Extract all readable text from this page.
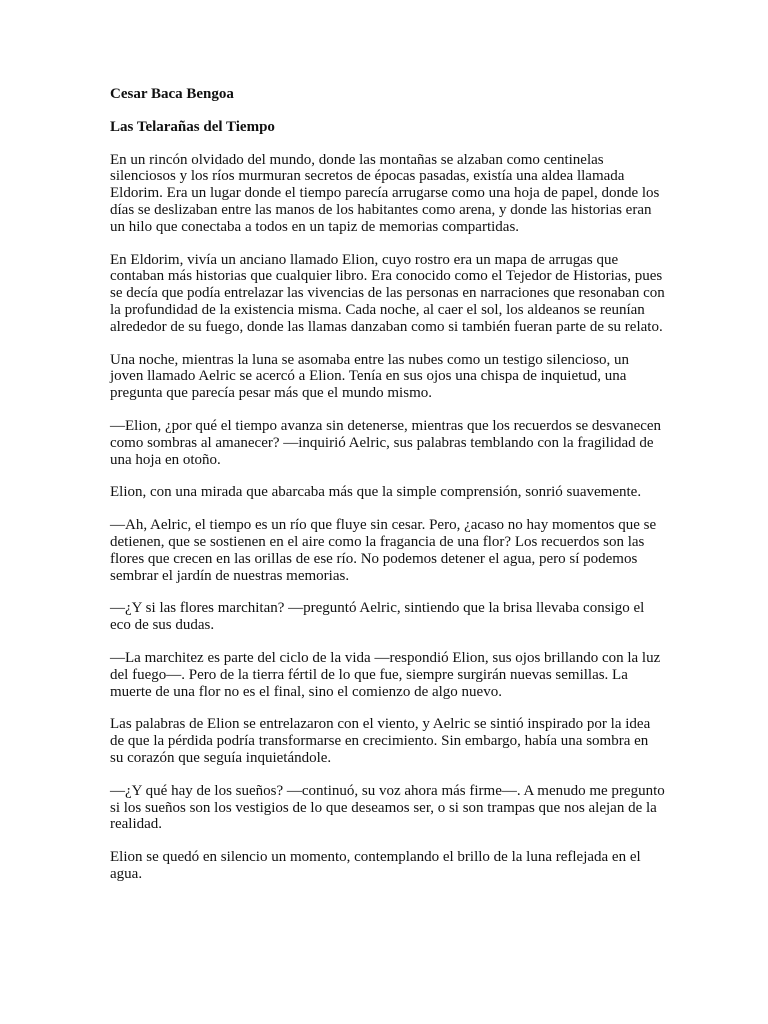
Cesar Baca Bengoa

Las Telarañas del Tiempo

En un rincón olvidado del mundo, donde las montañas se alzaban como centinelas silenciosos y los ríos murmuran secretos de épocas pasadas, existía una aldea llamada Eldorim. Era un lugar donde el tiempo parecía arrugarse como una hoja de papel, donde los días se deslizaban entre las manos de los habitantes como arena, y donde las historias eran un hilo que conectaba a todos en un tapiz de memorias compartidas.

En Eldorim, vivía un anciano llamado Elion, cuyo rostro era un mapa de arrugas que contaban más historias que cualquier libro. Era conocido como el Tejedor de Historias, pues se decía que podía entrelazar las vivencias de las personas en narraciones que resonaban con la profundidad de la existencia misma. Cada noche, al caer el sol, los aldeanos se reunían alrededor de su fuego, donde las llamas danzaban como si también fueran parte de su relato.

Una noche, mientras la luna se asomaba entre las nubes como un testigo silencioso, un joven llamado Aelric se acercó a Elion. Tenía en sus ojos una chispa de inquietud, una pregunta que parecía pesar más que el mundo mismo.

—Elion, ¿por qué el tiempo avanza sin detenerse, mientras que los recuerdos se desvanecen como sombras al amanecer? —inquirió Aelric, sus palabras temblando con la fragilidad de una hoja en otoño.

Elion, con una mirada que abarcaba más que la simple comprensión, sonrió suavemente.

—Ah, Aelric, el tiempo es un río que fluye sin cesar. Pero, ¿acaso no hay momentos que se detienen, que se sostienen en el aire como la fragancia de una flor? Los recuerdos son las flores que crecen en las orillas de ese río. No podemos detener el agua, pero sí podemos sembrar el jardín de nuestras memorias.

—¿Y si las flores marchitan? —preguntó Aelric, sintiendo que la brisa llevaba consigo el eco de sus dudas.

—La marchitez es parte del ciclo de la vida —respondió Elion, sus ojos brillando con la luz del fuego—. Pero de la tierra fértil de lo que fue, siempre surgirán nuevas semillas. La muerte de una flor no es el final, sino el comienzo de algo nuevo.

Las palabras de Elion se entrelazaron con el viento, y Aelric se sintió inspirado por la idea de que la pérdida podría transformarse en crecimiento. Sin embargo, había una sombra en su corazón que seguía inquietándole.

—¿Y qué hay de los sueños? —continuó, su voz ahora más firme—. A menudo me pregunto si los sueños son los vestigios de lo que deseamos ser, o si son trampas que nos alejan de la realidad.

Elion se quedó en silencio un momento, contemplando el brillo de la luna reflejada en el agua.
